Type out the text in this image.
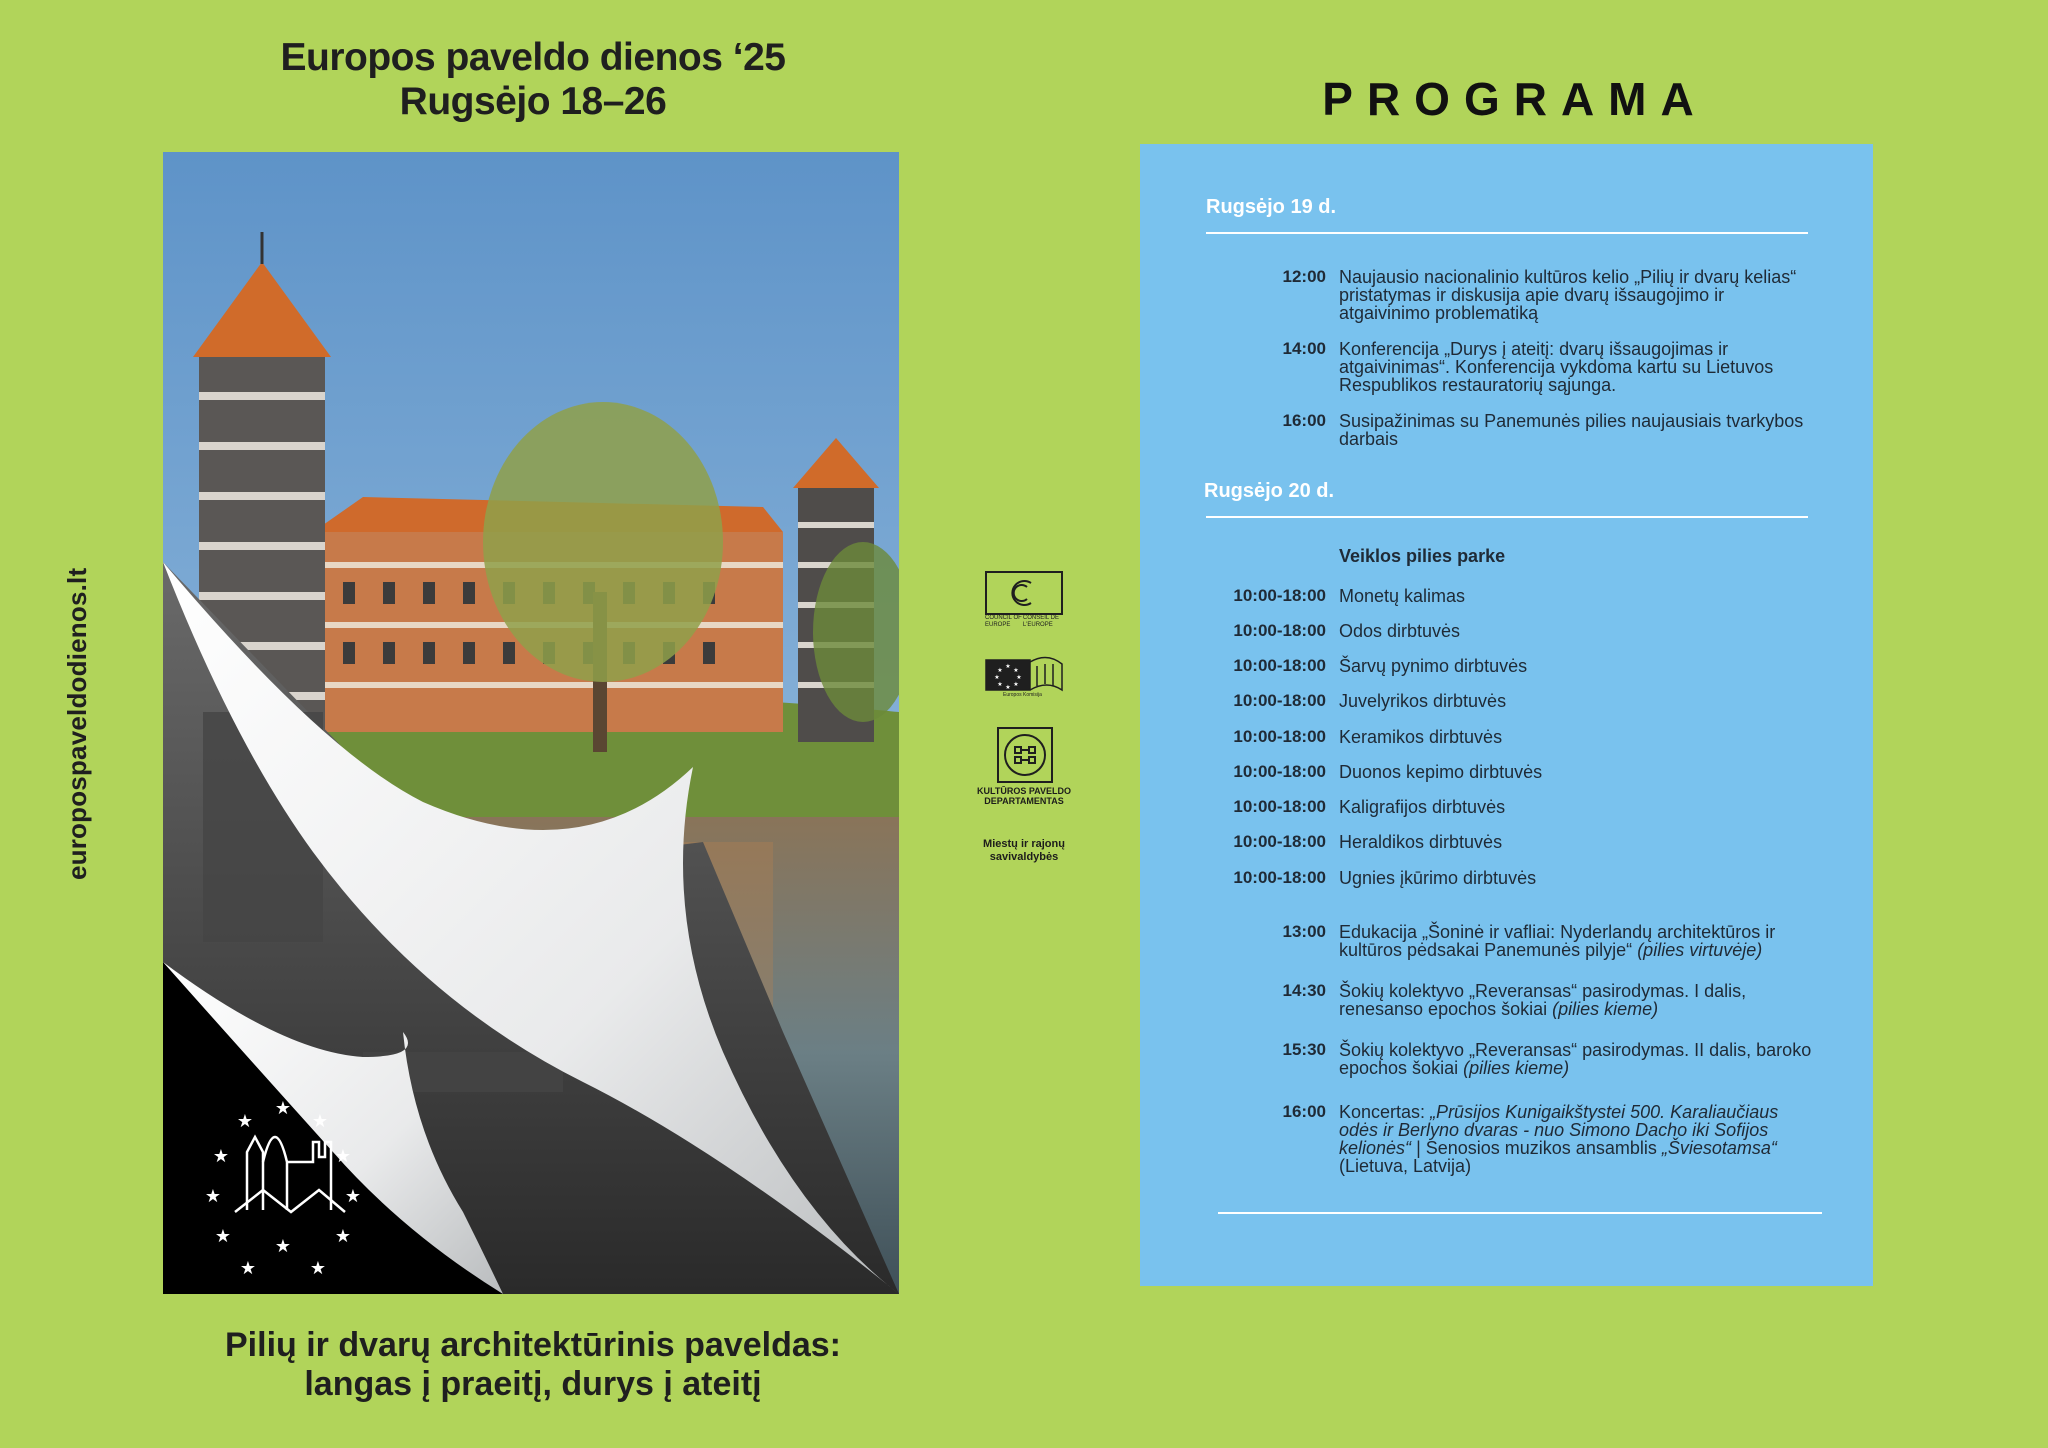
Europos paveldo dienos ‘25
Rugsėjo 18–26
europospaveldodienos.lt
★
★	★
★	★
★	★
★	★
★	★
★
Pilių ir dvarų architektūrinis paveldas:
langas į praeitį, durys į ateitį
COUNCIL OF EUROPE
CONSEIL DE L'EUROPE
★
★ ★
★	★
★ ★
★
Europos Komisija
KULTŪROS PAVELDO DEPARTAMENTAS
Miestų ir rajonų savivaldybės
PROGRAMA
Rugsėjo 19 d.
12:00 Naujausio nacionalinio kultūros kelio „Pilių ir dvarų kelias“ pristatymas ir diskusija apie dvarų išsaugojimo ir atgaivinimo problematiką
14:00 Konferencija „Durys į ateitį: dvarų išsaugojimas ir atgaivinimas“. Konferencija vykdoma kartu su Lietuvos Respublikos restauratorių sąjunga.
16:00 Susipažinimas su Panemunės pilies naujausiais tvarkybos darbais
Rugsėjo 20 d.
Veiklos pilies parke
10:00-18:00 Monetų kalimas
10:00-18:00 Odos dirbtuvės
10:00-18:00 Šarvų pynimo dirbtuvės
10:00-18:00 Juvelyrikos dirbtuvės
10:00-18:00 Keramikos dirbtuvės
10:00-18:00 Duonos kepimo dirbtuvės
10:00-18:00 Kaligrafijos dirbtuvės
10:00-18:00 Heraldikos dirbtuvės
10:00-18:00 Ugnies įkūrimo dirbtuvės
13:00 Edukacija „Šoninė ir vafliai: Nyderlandų architektūros ir kultūros pėdsakai Panemunės pilyje“ (pilies virtuvėje)
14:30 Šokių kolektyvo „Reveransas“ pasirodymas. I dalis, renesanso epochos šokiai (pilies kieme)
15:30 Šokių kolektyvo „Reveransas“ pasirodymas. II dalis, baroko epochos šokiai (pilies kieme)
16:00 Koncertas: „Prūsijos Kunigaikštystei 500. Karaliaučiaus odės ir Berlyno dvaras - nuo Simono Dacho iki Sofijos kelionės“ | Senosios muzikos ansamblis „Šviesotamsa“ (Lietuva, Latvija)
